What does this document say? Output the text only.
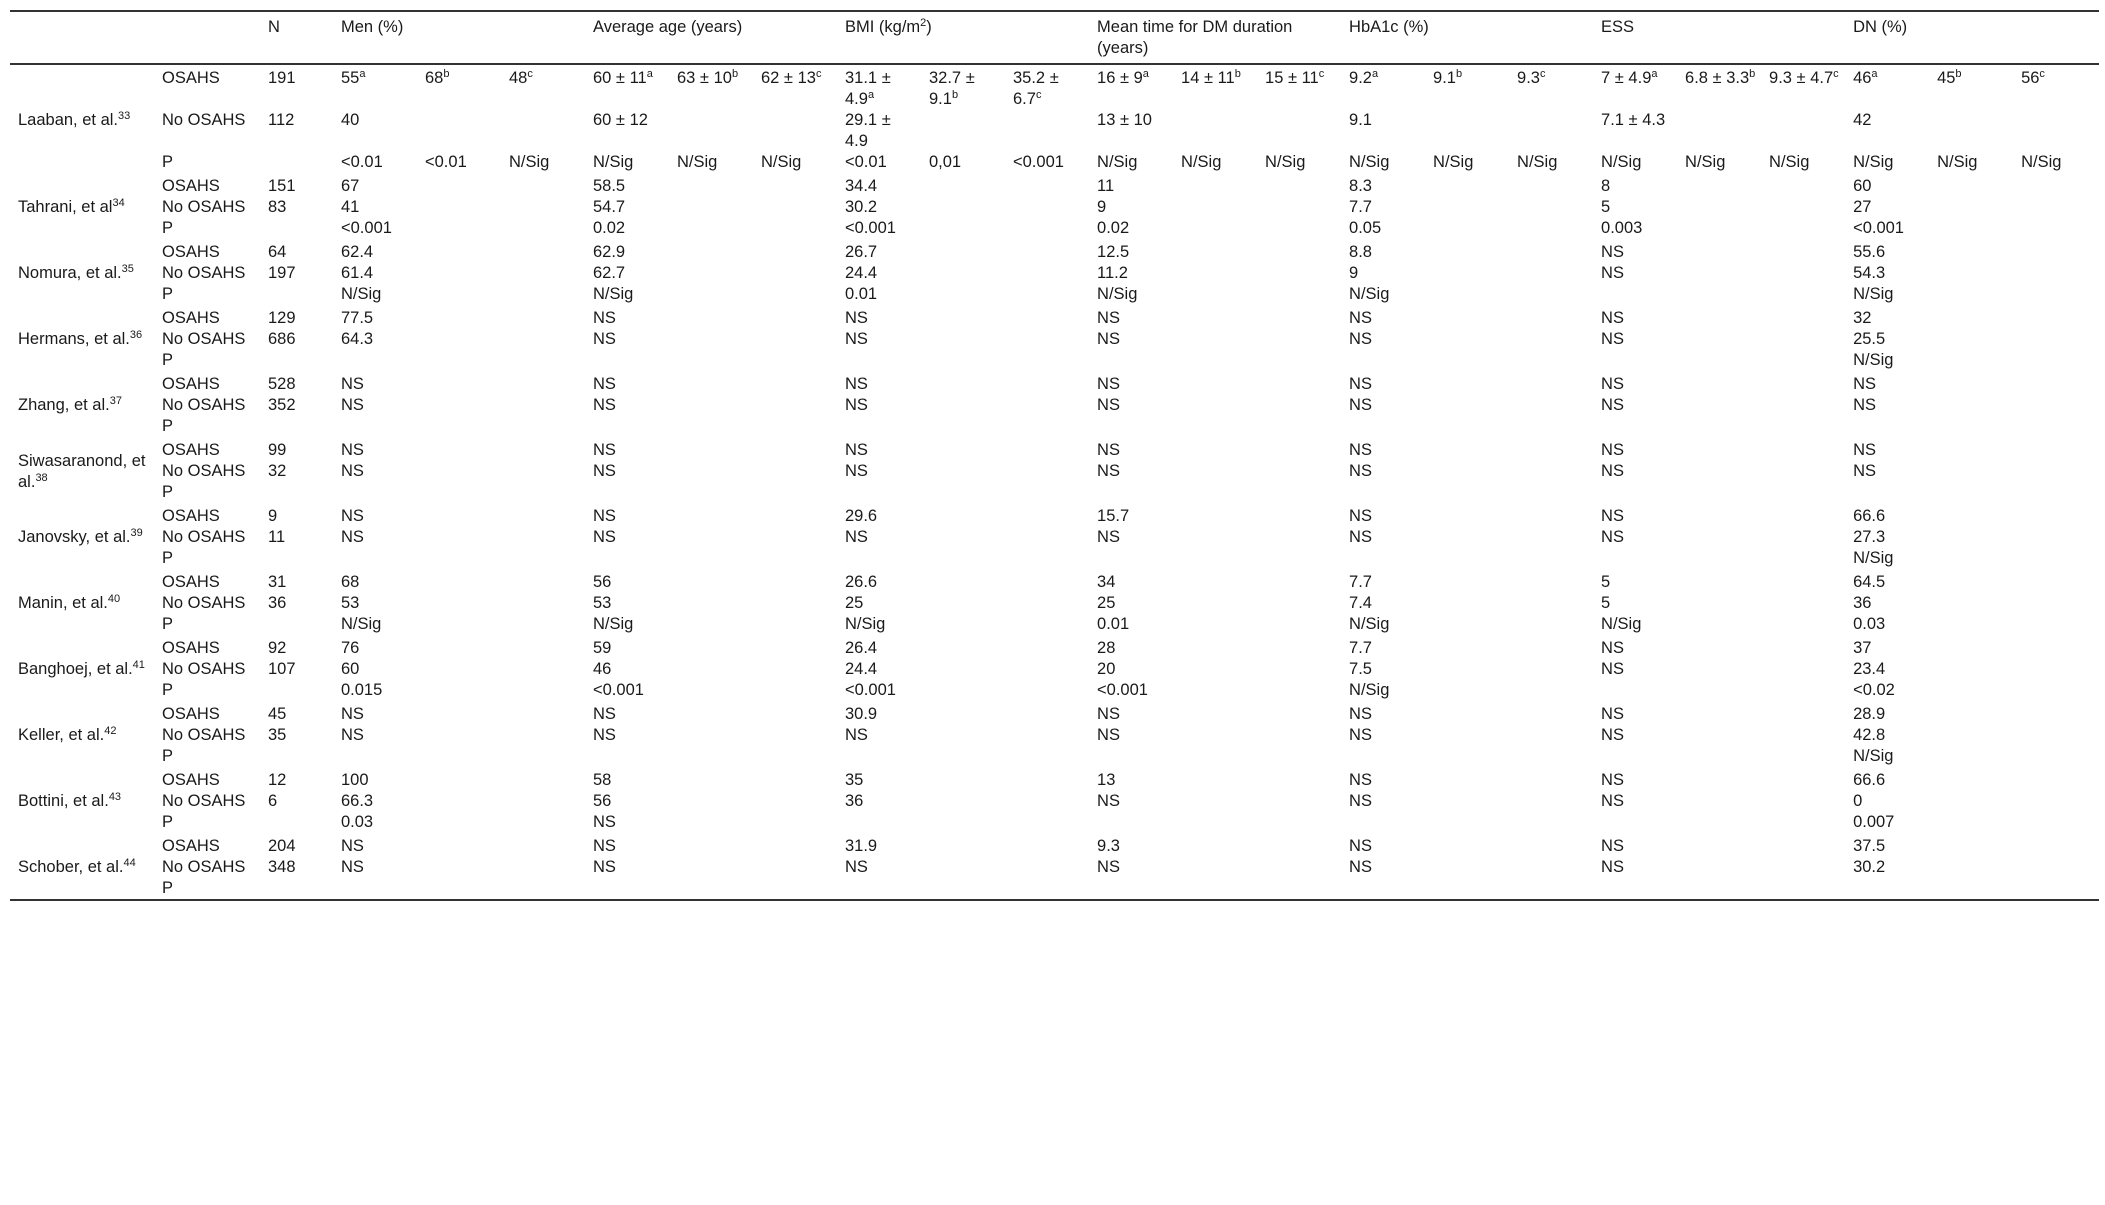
		N	Men (%)			Average age (years)			BMI $(kg/m^2)$			Mean time for DM duration (years)			HbA1c (%)			ESS			DN (%)		
Laaban, et al.$^{33}$	OSAHS	191	55$^a$	68$^b$	48$^c$	$60 \pm 11^a$	$63 \pm 10^b$	$62 \pm 13^c$	31.1 ± 4.9$^a$	32.7 ± 9.1$^b$	35.2 ± 6.7$^c$	$16 \pm 9^a$	$14 \pm 11^b$	$15 \pm 11^c$	9.2$^a$	9.1$^b$	9.3$^c$	7 ± 4.9$^a$	6.8 ± 3.3$^b$	9.3 ± 4.7$^c$	46$^a$	45$^b$	56$^c$
	No OSAHS	112	40			60 ± 12			29.1 ± 4.9			13 ± 10			9.1			7.1 ± 4.3			42		
	P		<0.01	<0.01	N/Sig	N/Sig	N/Sig	N/Sig	<0.01	0,01	<0.001	N/Sig	N/Sig	N/Sig	N/Sig	N/Sig	N/Sig	N/Sig	N/Sig	N/Sig	N/Sig	N/Sig	N/Sig
Tahrani, et $al^{34}$	OSAHS	151	67			58.5			34.4			11			8.3			8			60		
	No OSAHS	83	41			54.7			30.2			9			7.7			5			27		
	P		<0.001			0.02			<0.001			0.02			0.05			0.003			<0.001		
Nomura, et al.$^{35}$	OSAHS	64	62.4			62.9			26.7			12.5			8.8			NS			55.6		
	No OSAHS	197	61.4			62.7			24.4			11.2			9			NS			54.3		
	P		N/Sig			N/Sig			0.01			N/Sig			N/Sig						N/Sig		
Hermans, et al.$^{36}$	OSAHS	129	77.5			NS			NS			NS			NS			NS			32		
	No OSAHS	686	64.3			NS			NS			NS			NS			NS			25.5		
	P																				N/Sig		
Zhang, et al.$^{37}$	OSAHS	528	NS			NS			NS			NS			NS			NS			NS		
	No OSAHS	352	NS			NS			NS			NS			NS			NS			NS		
	P																						
Siwasaranond, et al.$^{38}$	OSAHS	99	NS			NS			NS			NS			NS			NS			NS		
	No OSAHS	32	NS			NS			NS			NS			NS			NS			NS		
	P																						
Janovsky, et al.$^{39}$	OSAHS	9	NS			NS			29.6			15.7			NS			NS			66.6		
	No OSAHS	11	NS			NS			NS			NS			NS			NS			27.3		
	P																				N/Sig		
Manin, et al.$^{40}$	OSAHS	31	68			56			26.6			34			7.7			5			64.5		
	No OSAHS	36	53			53			25			25			7.4			5			36		
	P		N/Sig			N/Sig			N/Sig			0.01			N/Sig			N/Sig			0.03		
Banghoej, et al.$^{41}$	OSAHS	92	76			59			26.4			28			7.7			NS			37		
	No OSAHS	107	60			46			24.4			20			7.5			NS			23.4		
	P		0.015			<0.001			<0.001			<0.001			N/Sig						<0.02		
Keller, et al.$^{42}$	OSAHS	45	NS			NS			30.9			NS			NS			NS			28.9		
	No OSAHS	35	NS			NS			NS			NS			NS			NS			42.8		
	P																				N/Sig		
Bottini, et al.$^{43}$	OSAHS	12	100			58			35			13			NS			NS			66.6		
	No OSAHS	6	66.3			56			36			NS			NS			NS			0		
	P		0.03			NS															0.007		
Schober, et al.$^{44}$	OSAHS	204	NS			NS			31.9			9.3			NS			NS			37.5		
	No OSAHS	348	NS			NS			NS			NS			NS			NS			30.2		
	P																						
